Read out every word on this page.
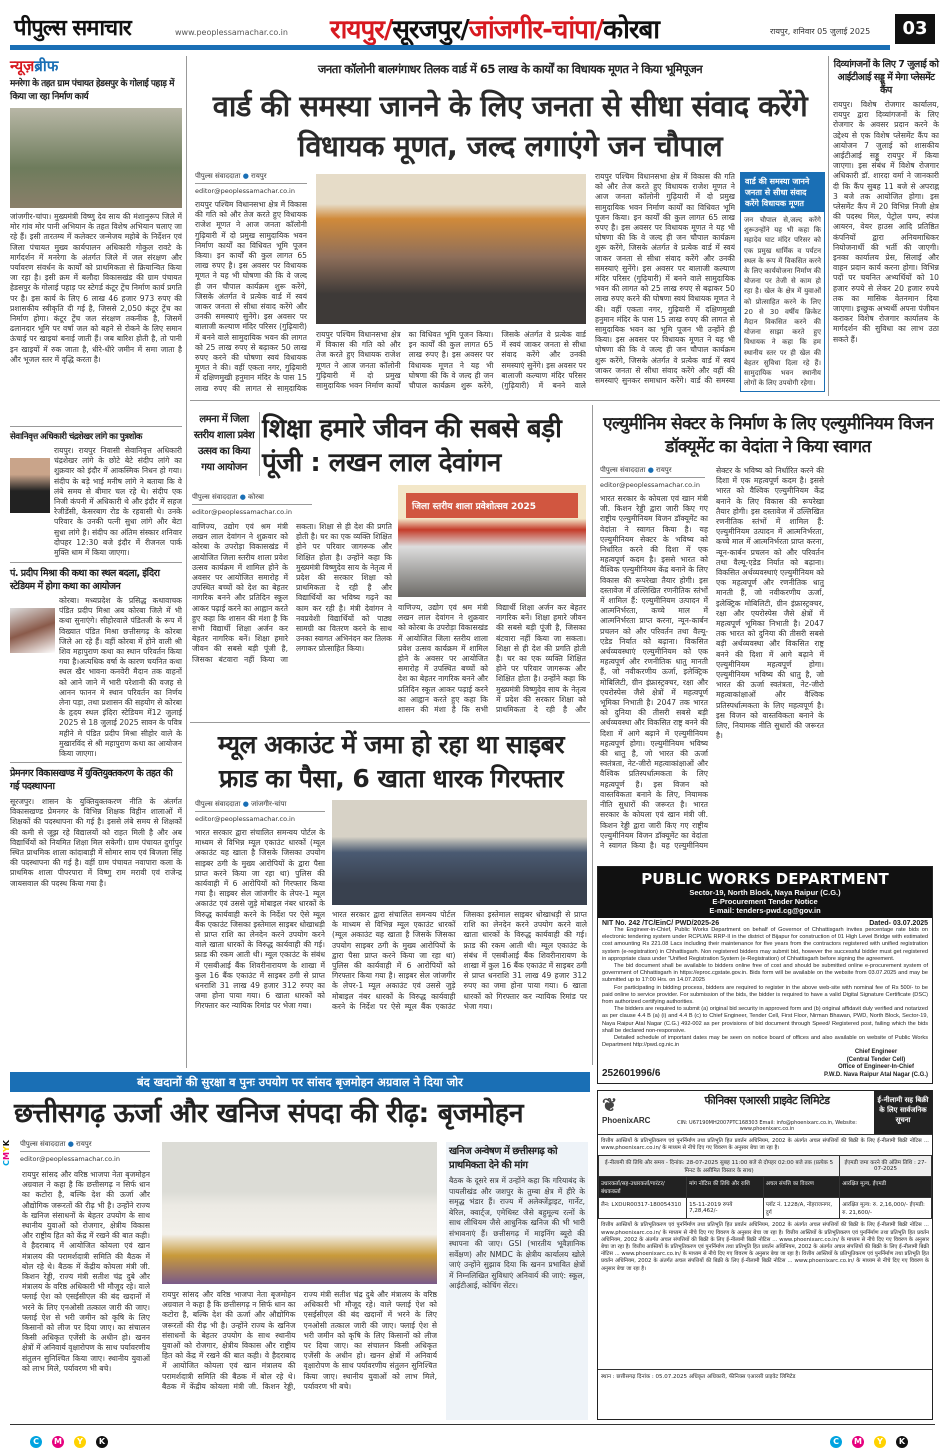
पीपुल्स समाचार	www.peoplessamachar.co.in रायपुर/सूरजपुर/जांजगीर-चांपा/कोरबा	रायपुर, शनिवार 05 जुलाई 2025	03
न्यूज़ब्रीफ
मनरेगा के तहत ग्राम पंचायत हेडसपुर के गोलाई पहाड़ में किया जा रहा निर्माण कार्य
जांजगीर-चांपा। मुख्यमंत्री विष्णु देव साय की मंशानुरूप जिले में मोर गांव मोर पानी अभियान के तहत विशेष अभियान चलाए जा रहे हैं। इसी तारतम्य में कलेक्टर जन्मेजय महोबे के निर्देशन एवं जिला पंचायत मुख्य कार्यपालन अधिकारी गोकुल रावटे के मार्गदर्शन में मनरेगा के अंतर्गत जिले में जल संरक्षण और पर्यावरण संवर्धन के कार्यों को प्राथमिकता से क्रियान्वित किया जा रहा है। इसी क्रम में बलौदा विकासखंड की ग्राम पंचायत हेडसपुर के गोलाई पहाड़ पर स्टेगर्ड कंटूर ट्रेंच निर्माण कार्य प्रगति पर है। इस कार्य के लिए 6 लाख 46 हजार 973 रुपए की प्रशासकीय स्वीकृति दी गई है, जिससे 2,050 कंटूर ट्रेंच का निर्माण होगा। कंटूर ट्रेंच जल संरक्षण तकनीक है, जिसमें ढलानदार भूमि पर वर्षा जल को बहने से रोकने के लिए समान ऊंचाई पर खाइयां बनाई जाती हैं। जब बारिश होती है, तो पानी इन खाइयों में रुक जाता है, धीरे-धीरे जमीन में समा जाता है और भूजल स्तर में वृद्धि करता है।
सेवानिवृत्त अधिकारी चंद्रशेखर लांगे का पुत्रशोक
रायपुर। रायपुर निवासी सेवानिवृत्त अधिकारी चंद्रशेखर लांगे के छोटे बेटे संदीप लांगे का शुक्रवार को इंदौर में आकस्मिक निधन हो गया। संदीप के बड़े भाई मनीष लांगे ने बताया कि वे लंबे समय से बीमार चल रहे थे। संदीप एक निजी कंपनी में अधिकारी थे और इंदौर में सहज रेजीडेंसी, केसरबाग रोड के रहवासी थे। उनके परिवार के उनकी पत्नी सुधा लांगे और बेटा सुधा लांगे है। संदीप का अंतिम संस्कार शनिवार दोपहर 12:30 बजे इंदौर में रीजनल पार्क मुक्ति धाम में किया जाएगा।
पं. प्रदीप मिश्रा की कथा का स्थल बदला, इंदिरा स्टेडियम में होगा कथा का आयोजन
कोरबा। मध्यप्रदेश के प्रसिद्ध कथावाचक पंडित प्रदीप मिश्रा अब कोरबा जिले में भी कथा सुनाएंगे। सीहोरवाले पंडितजी के रूप में विख्यात पंडित मिश्रा छत्तीसगढ़ के कोरबा जिले आ रहे हैं। वहीं कोरबा में होने वाली श्री शिव महापुराण कथा का स्थान परिवर्तन किया गया है।अत्यधिक वर्षा के कारण चयनित कथा स्थल खैर भावना कनवेरी मैदान तक वाहनों को आने जाने में भारी परेशानी की वजह से आनन फानन मे स्थान परिवर्तन का निर्णय लेना पड़ा, तथा प्रशासन की सहयोग से कोरबा के हृदय स्थल इंदिरा स्टेडियम में12 जुलाई 2025 से 18 जुलाई 2025 सावन के पवित्र महीने मे पंडित प्रदीप मिश्रा सीहोर वाले के मुखारविंद से श्री महापुराण कथा का आयोजन किया जाएगा।
प्रेमनगर विकासखण्ड में युक्तियुक्तकरण के तहत की गई पदस्थापना
सूरजपुर। शासन के युक्तियुक्तकरण नीति के अंतर्गत विकासखण्ड प्रेमनगर के विभिन्न शिक्षक विहीन शालाओं में शिक्षकों की पदस्थापना की गई है। इससे लंबे समय से शिक्षकों की कमी से जूझ रहे विद्यालयों को राहत मिली है और अब विद्यार्थियों को नियमित शिक्षा मिल सकेगी। ग्राम पंचायत दुर्गापुर स्थित प्राथमिक शाला कांदाबाड़ी में सोमार साय एवं बिजला सिंह की पदस्थापना की गई है। वहीं ग्राम पंचायत नवापारा कला के प्राथमिक शाला पीपरपारा में विष्णु राम मरावी एवं राजेन्द्र जायसवाल की पदस्थ किया गया है।
जनता कॉलोनी बालगंगाधर तिलक वार्ड में 65 लाख के कार्यों का विधायक मूणत ने किया भूमिपूजन
वार्ड की समस्या जानने के लिए जनता से सीधा संवाद करेंगे विधायक मूणत, जल्द लगाएंगे जन चौपाल
पीपुल्स संवाददाता ● रायपुर
editor@peoplessamachar.co.in
रायपुर पश्चिम विधानसभा क्षेत्र में विकास की गति को और तेज करते हुए विधायक राजेश मूणत ने आज जनता कॉलोनी गुढ़ियारी में दो प्रमुख सामुदायिक भवन निर्माण कार्यों का विधिवत भूमि पूजन किया। इन कार्यों की कुल लागत 65 लाख रुपए है। इस अवसर पर विधायक मूणत ने यह भी घोषणा की कि वे जल्द ही जन चौपाल कार्यक्रम शुरू करेंगे, जिसके अंतर्गत वे प्रत्येक वार्ड में स्वयं जाकर जनता से सीधा संवाद करेंगे और उनकी समस्याएं सुनेंगे। इस अवसर पर बालाजी कल्याण मंदिर परिसर (गुढ़ियारी) में बनने वाले सामुदायिक भवन की लागत को 25 लाख रुपए से बढ़ाकर 50 लाख रुपए करने की घोषणा स्वयं विधायक मूणत ने की। वहीं एकता नगर, गुढ़ियारी में दक्षिणमुखी हनुमान मंदिर के पास 15 लाख रुपए की लागत से सामुदायिक
रायपुर पश्चिम विधानसभा क्षेत्र में विकास की गति को और तेज करते हुए विधायक राजेश मूणत ने आज जनता कॉलोनी गुढ़ियारी में दो प्रमुख सामुदायिक भवन निर्माण कार्यों का विधिवत भूमि पूजन किया। इन कार्यों की कुल लागत 65 लाख रुपए है। इस अवसर पर विधायक मूणत ने यह भी घोषणा की कि वे जल्द ही जन चौपाल कार्यक्रम शुरू करेंगे, जिसके अंतर्गत वे प्रत्येक वार्ड में स्वयं जाकर जनता से सीधा संवाद करेंगे और उनकी समस्याएं सुनेंगे। इस अवसर पर बालाजी कल्याण मंदिर परिसर (गुढ़ियारी) में बनने वाले
रायपुर पश्चिम विधानसभा क्षेत्र में विकास की गति को और तेज करते हुए विधायक राजेश मूणत ने आज जनता कॉलोनी गुढ़ियारी में दो प्रमुख सामुदायिक भवन निर्माण कार्यों का विधिवत भूमि पूजन किया। इन कार्यों की कुल लागत 65 लाख रुपए है। इस अवसर पर विधायक मूणत ने यह भी घोषणा की कि वे जल्द ही जन चौपाल कार्यक्रम शुरू करेंगे, जिसके अंतर्गत वे प्रत्येक वार्ड में स्वयं जाकर जनता से सीधा संवाद करेंगे और उनकी समस्याएं सुनेंगे। इस अवसर पर बालाजी कल्याण मंदिर परिसर (गुढ़ियारी) में बनने वाले सामुदायिक भवन की लागत को 25 लाख रुपए से बढ़ाकर 50 लाख रुपए करने की घोषणा स्वयं विधायक मूणत ने की। वहीं एकता नगर, गुढ़ियारी में दक्षिणमुखी हनुमान मंदिर के पास 15 लाख रुपए की लागत से सामुदायिक भवन का भूमि पूजन भी उन्होंने ही किया। इस अवसर पर विधायक मूणत ने यह भी घोषणा की कि वे जल्द ही जन चौपाल कार्यक्रम शुरू करेंगे, जिसके अंतर्गत वे प्रत्येक वार्ड में स्वयं जाकर जनता से सीधा संवाद करेंगे और वहीं की समस्याएं सुनकर समाधान करेंगे। वार्ड की समस्या
वार्ड की समस्या जानने जनता से सीधा संवाद करेंगे विधायक मूणत
जन चौपाल से,जल्द करेंगे शुरूउन्होंने यह भी कहा कि महादेव घाट मंदिर परिसर को एक प्रमुख धार्मिक व पर्यटन स्थल के रूप में विकसित करने के लिए कार्ययोजना निर्माण की योजना पर तेजी से काम हो रहा है। खेल के क्षेत्र में युवाओं को प्रोत्साहित करने के लिए 20 से 30 वर्षीय क्रिकेट मैदान विकसित करने की योजना साझा करते हुए विधायक ने कहा कि हम स्थानीय स्तर पर ही खेल की बेहतर सुविधा दिला रहे हैं। सामुदायिक भवन स्थानीय लोगों के लिए उपयोगी रहेगा।
दिव्यांगजनों के लिए 7 जुलाई को आईटीआई सड्डू में मेगा प्लेसमेंट कैंप
रायपुर। विशेष रोजगार कार्यालय, रायपुर द्वारा दिव्यांगजनों के लिए रोजगार के अवसर प्रदान करने के उद्देश्य से एक विशेष प्लेसमेंट कैंप का आयोजन 7 जुलाई को शासकीय आईटीआई सड्डू रायपुर में किया जाएगा। इस संबंध में विशेष रोजगार अधिकारी डॉ. शारदा वर्मा ने जानकारी दी कि कैंप सुबह 11 बजे से अपराह्न 3 बजे तक आयोजित होगा। इस प्लेसमेंट कैंप में 20 विभिन्न निजी क्षेत्र की पदस्थ मिल, पेट्रोल पम्प, स्पंज आयरन, वेयर हाउस आदि प्रतिष्ठित कंपनियों द्वारा अनियमाधिकर नियोजनार्थी की भर्ती की जाएगी। इनका कार्यालय प्रेस, सिलाई और वाहन प्रदान कार्य करना होगा। विभिन्न पदों पर चयनित अभ्यर्थियों को 10 हजार रुपये से लेकर 20 हजार रुपये तक का मासिक वेतनमान दिया जाएगा। इच्छुक अभ्यर्थी अपना पंजीयन कराकर विशेष रोजगार कार्यालय के मार्गदर्शन की सुविधा का लाभ उठा सकते हैं।
लमना में जिला स्तरीय शाला प्रवेश उत्सव का किया गया आयोजन
पीपुल्स संवाददाता ● कोरबा
editor@peoplessamachar.co.in
शिक्षा हमारे जीवन की सबसे बड़ी पूंजी : लखन लाल देवांगन
वाणिज्य, उद्योग एवं श्रम मंत्री लखन लाल देवांगन ने शुक्रवार को कोरबा के उपरोड़ा विकासखंड में आयोजित जिला स्तरीय शाला प्रवेश उत्सव कार्यक्रम में शामिल होने के अवसर पर आयोजित समारोह में उपस्थित बच्चों को देश का बेहतर नागरिक बनने और प्रतिदिन स्कूल आकर पढ़ाई करने का आह्वान करते हुए कहा कि शासन की मंशा है कि सभी विद्यार्थी शिक्षा अर्जन कर बेहतर नागरिक बनें। शिक्षा हमारे जीवन की सबसे बड़ी पूंजी है, जिसका बंटवारा नहीं किया जा सकता। शिक्षा से ही देश की प्रगति होती है। घर का एक व्यक्ति शिक्षित होने पर परिवार जागरूक और शिक्षित होता है। उन्होंने कहा कि मुख्यमंत्री विष्णुदेव साय के नेतृत्व में प्रदेश की सरकार शिक्षा को प्राथमिकता दे रही है और विद्यार्थियों का भविष्य गढ़ने का काम कर रही है। मंत्री देवांगन ने नवप्रवेशी विद्यार्थियों को पाठ्य सामग्री का वितरण करने के साथ उनका स्वागत अभिनंदन कर तिलक लगाकर प्रोत्साहित किया।
जिला स्तरीय शाला प्रवेशोत्सव 2025
वाणिज्य, उद्योग एवं श्रम मंत्री लखन लाल देवांगन ने शुक्रवार को कोरबा के उपरोड़ा विकासखंड में आयोजित जिला स्तरीय शाला प्रवेश उत्सव कार्यक्रम में शामिल होने के अवसर पर आयोजित समारोह में उपस्थित बच्चों को देश का बेहतर नागरिक बनने और प्रतिदिन स्कूल आकर पढ़ाई करने का आह्वान करते हुए कहा कि शासन की मंशा है कि सभी विद्यार्थी शिक्षा अर्जन कर बेहतर नागरिक बनें। शिक्षा हमारे जीवन की सबसे बड़ी पूंजी है, जिसका बंटवारा नहीं किया जा सकता। शिक्षा से ही देश की प्रगति होती है। घर का एक व्यक्ति शिक्षित होने पर परिवार जागरूक और शिक्षित होता है। उन्होंने कहा कि मुख्यमंत्री विष्णुदेव साय के नेतृत्व में प्रदेश की सरकार शिक्षा को प्राथमिकता दे रही है और
म्यूल अकाउंट में जमा हो रहा था साइबर फ्राड का पैसा, 6 खाता धारक गिरफ्तार
पीपुल्स संवाददाता ● जांजगीर-चांपा
editor@peoplessamachar.co.in
भारत सरकार द्वारा संचालित समन्वय पोर्टल के माध्यम से विभिन्न म्यूल एकाउंट धारकों (म्यूल अकाउंट यह खाता है जिसके जिसका उपयोग साइबर ठगी के मुख्य आरोपियों के द्वारा पैसा प्राप्त करने किया जा रहा था) पुलिस की कार्यवाही में 6 आरोपियों को गिरफ्तार किया गया है। साइबर सेल जांजगीर के लेपर-1 म्यूल अकाउंट एवं उससे जुड़े मोबाइल नंबर धारकों के विरुद्ध कार्यवाही करने के निर्देश पर ऐसे म्यूल बैंक एकाउंट जिसका इस्तेमाल साइबर धोखाधड़ी से प्राप्त राशि का लेनदेन करने उपयोग करने वाले खाता धारकों के विरुद्ध कार्यवाही की गई। फ्राड की रकम आती थी। म्यूल एकाउंट के संबंध में एसबीआई बैंक शिवरीनारायण के शाखा में कुल 16 बैंक एकाउंट में साइबर ठगी से प्राप्त धनराशि 31 लाख 49 हजार 312 रुपए का जमा होना पाया गया। 6 खाता धारकों को गिरफ्तार कर न्यायिक रिमांड पर भेजा गया।
भारत सरकार द्वारा संचालित समन्वय पोर्टल के माध्यम से विभिन्न म्यूल एकाउंट धारकों (म्यूल अकाउंट यह खाता है जिसके जिसका उपयोग साइबर ठगी के मुख्य आरोपियों के द्वारा पैसा प्राप्त करने किया जा रहा था) पुलिस की कार्यवाही में 6 आरोपियों को गिरफ्तार किया गया है। साइबर सेल जांजगीर के लेपर-1 म्यूल अकाउंट एवं उससे जुड़े मोबाइल नंबर धारकों के विरुद्ध कार्यवाही करने के निर्देश पर ऐसे म्यूल बैंक एकाउंट जिसका इस्तेमाल साइबर धोखाधड़ी से प्राप्त राशि का लेनदेन करने उपयोग करने वाले खाता धारकों के विरुद्ध कार्यवाही की गई। फ्राड की रकम आती थी। म्यूल एकाउंट के संबंध में एसबीआई बैंक शिवरीनारायण के शाखा में कुल 16 बैंक एकाउंट में साइबर ठगी से प्राप्त धनराशि 31 लाख 49 हजार 312 रुपए का जमा होना पाया गया। 6 खाता धारकों को गिरफ्तार कर न्यायिक रिमांड पर भेजा गया।
एल्युमीनिम सेक्टर के निर्माण के लिए एल्युमीनियम विजन डॉक्यूमेंट का वेदांता ने किया स्वागत
पीपुल्स संवाददाता ● रायपुर
editor@peoplessamachar.co.in
भारत सरकार के कोयला एवं खान मंत्री जी. किशन रेड्डी द्वारा जारी किए गए राष्ट्रीय एल्युमीनियम विजन डॉक्यूमेंट का वेदांता ने स्वागत किया है। यह एल्युमीनियम सेक्टर के भविष्य को निर्धारित करने की दिशा में एक महत्वपूर्ण कदम है। इससे भारत को वैश्विक एल्युमीनियम केंद्र बनाने के लिए विकास की रूपरेखा तैयार होगी। इस दस्तावेज में उल्लिखित रणनीतिक स्तंभों में शामिल हैं: एल्युमीनियम उत्पादन में आत्मनिर्भरता, कच्चे माल में आत्मनिर्भरता प्राप्त करना, न्यून-कार्बन प्रचलन को और परिवर्तन तथा वैल्यू-एडेड निर्यात को बढ़ाना। विकसित अर्थव्यवस्थाएं एल्युमीनियम को एक महत्वपूर्ण और रणनीतिक धातु मानती हैं, जो नवीकरणीय ऊर्जा, इलेक्ट्रिक मोबिलिटी, ग्रीन इंफ्रास्ट्रक्चर, रक्षा और एयरोस्पेस जैसे क्षेत्रों में महत्वपूर्ण भूमिका निभाती है। 2047 तक भारत को दुनिया की तीसरी सबसे बड़ी अर्थव्यवस्था और विकसित राष्ट्र बनने की दिशा में आगे बढ़ाने में एल्युमीनियम महत्वपूर्ण होगा। एल्युमीनियम भविष्य की धातु है, जो भारत की ऊर्जा स्वतंत्रता, नेट-जीरो महत्वाकांक्षाओं और वैश्विक प्रतिस्पर्धात्मकता के लिए महत्वपूर्ण है। इस विजन को वास्तविकता बनाने के लिए, नियामक नीति सुधारों की जरूरत है। भारत सरकार के कोयला एवं खान मंत्री जी. किशन रेड्डी द्वारा जारी किए गए राष्ट्रीय एल्युमीनियम विजन डॉक्यूमेंट का वेदांता ने स्वागत किया है। यह एल्युमीनियम सेक्टर के भविष्य को निर्धारित करने की दिशा में एक महत्वपूर्ण कदम है। इससे भारत को वैश्विक एल्युमीनियम केंद्र बनाने के लिए विकास की रूपरेखा तैयार होगी। इस दस्तावेज में उल्लिखित रणनीतिक स्तंभों में शामिल हैं: एल्युमीनियम उत्पादन में आत्मनिर्भरता, कच्चे माल में आत्मनिर्भरता प्राप्त करना, न्यून-कार्बन प्रचलन को और परिवर्तन तथा वैल्यू-एडेड निर्यात को बढ़ाना। विकसित अर्थव्यवस्थाएं एल्युमीनियम को एक महत्वपूर्ण और रणनीतिक धातु मानती हैं, जो नवीकरणीय ऊर्जा, इलेक्ट्रिक मोबिलिटी, ग्रीन इंफ्रास्ट्रक्चर, रक्षा और एयरोस्पेस जैसे क्षेत्रों में महत्वपूर्ण भूमिका निभाती है। 2047 तक भारत को दुनिया की तीसरी सबसे बड़ी अर्थव्यवस्था और विकसित राष्ट्र बनने की दिशा में आगे बढ़ाने में एल्युमीनियम महत्वपूर्ण होगा। एल्युमीनियम भविष्य की धातु है, जो भारत की ऊर्जा स्वतंत्रता, नेट-जीरो महत्वाकांक्षाओं और वैश्विक प्रतिस्पर्धात्मकता के लिए महत्वपूर्ण है। इस विजन को वास्तविकता बनाने के लिए, नियामक नीति सुधारों की जरूरत है।
PUBLIC WORKS DEPARTMENT
Sector-19, North Block, Naya Raipur (C.G.)
E-Procurement Tender Notice
E-mail: tenders-pwd.cg@gov.in
NIT No. 242 /TC/EinC/ PWD/2025-26	Dated- 03.07.2025

The Engineer-in-Chief, Public Works Department on behalf of Governor of Chhattisgarh invites percentage rate bids on electronic tendering system under RCPLWE RRP-II in the district of Bijapur for construction of 01 High Level Bridge with estimated cost amounting Rs 221.08 Lacs including their maintenance for five years from the contractors registered with unified registration system (e-registration) in Chhattisgarh. Non registered bidders may submit bid, however the successful bidder must get registered in appropriate class under "Unified Registration System (e-Registration) of Chhattisgarh before signing the agreement.

The bid document shall be available to bidders online free of cost and should be submitted online e-procurement system of government of Chhattisgarh in https://eproc.cgstate.gov.in. Bids form will be available on the website from 03.07.2025 and may be submitted up to 17:00 Hrs. on 14.07.2025

For participating in bidding process, bidders are required to register in the above web-site with nominal fee of Rs 500/- to be paid online to service provider. For submission of the bids, the bidder is required to have a valid Digital Signature Certificate (DSC) from authorized certifying authorities.

The bidders are required to submit (a) original bid security in approved form and (b) original affidavit duly verified and notarized as per clause 4.4 B (a) (i) and 4.4 B (c) to Chief Engineer, Tender Cell, First Floor, Nirman Bhawan, PWD, North Block, Sector-19, Naya Raipur Atal Nagar (C.G.) 492-002 as per provisions of bid document through Speed/ Registered post, failing which the bids shall be declared non-responsive.

Detailed schedule of important dates may be seen on notice board of offices and also available on website of Public Works Department http://pwd.cg.nic.in

252601996/6
Chief Engineer
(Central Tender Cell)
Office of Engineer-In-Chief
P.W.D. Nava Raipur Atal Nagar (C.G.)
❦
PhoenixARC
फीनिक्स एआरसी प्राइवेट लिमिटेड
CIN: U67190MH2007PTC168303 Email: info@phoenixarc.co.in, Website: www.phoenixarc.co.in
ई-नीलामी सह बिक्री के लिए सार्वजनिक सूचना

वित्तीय आस्तियों के प्रतिभूतिकरण एवं पुनर्निर्माण तथा प्रतिभूति हित प्रवर्तन अधिनियम, 2002 के अंतर्गत अचल संपत्तियों की बिक्री के लिए ई-नीलामी बिक्री नोटिस ... www.phoenixarc.co.in/ के माध्यम से नीचे दिए गए विवरण के अनुसार बेचा जा रहा है।

ई-नीलामी की तिथि और समय - दिनांक: 28-07-2025 सुबह 11:00 बजे से दोपहर 02:00 बजे तक (प्रत्येक 5 मिनट के असीमित विस्तार के साथ)			ईएमडी जमा करने की अंतिम तिथि : 27-07-2025
उधारकर्ता/सह-उधारकर्ता/गारंटर/बंधककर्ता	मांग नोटिस की तिथि और राशि	अचल संपत्ति का विवरण	आरक्षित मूल्य, ईएमडी
लैन: LXDUR00317-180054310	15-11-2019 रुपये 7,28,462/-	प्लॉट नं. 1228/A, नोहराजनगर, दुर्ग	आरक्षित मूल्य: रु. 2,16,000/- ईएमडी: रु. 21,600/-

वित्तीय आस्तियों के प्रतिभूतिकरण एवं पुनर्निर्माण तथा प्रतिभूति हित प्रवर्तन अधिनियम, 2002 के अंतर्गत अचल संपत्तियों की बिक्री के लिए ई-नीलामी बिक्री नोटिस ... www.phoenixarc.co.in/ के माध्यम से नीचे दिए गए विवरण के अनुसार बेचा जा रहा है। वित्तीय आस्तियों के प्रतिभूतिकरण एवं पुनर्निर्माण तथा प्रतिभूति हित प्रवर्तन अधिनियम, 2002 के अंतर्गत अचल संपत्तियों की बिक्री के लिए ई-नीलामी बिक्री नोटिस ... www.phoenixarc.co.in/ के माध्यम से नीचे दिए गए विवरण के अनुसार बेचा जा रहा है। वित्तीय आस्तियों के प्रतिभूतिकरण एवं पुनर्निर्माण तथा प्रतिभूति हित प्रवर्तन अधिनियम, 2002 के अंतर्गत अचल संपत्तियों की बिक्री के लिए ई-नीलामी बिक्री नोटिस ... www.phoenixarc.co.in/ के माध्यम से नीचे दिए गए विवरण के अनुसार बेचा जा रहा है। वित्तीय आस्तियों के प्रतिभूतिकरण एवं पुनर्निर्माण तथा प्रतिभूति हित प्रवर्तन अधिनियम, 2002 के अंतर्गत अचल संपत्तियों की बिक्री के लिए ई-नीलामी बिक्री नोटिस ... www.phoenixarc.co.in/ के माध्यम से नीचे दिए गए विवरण के अनुसार बेचा जा रहा है।

स्थान : छत्तीसगढ़ दिनांक : 05.07.2025 अधिकृत अधिकारी, फीनिक्स एआरसी प्राइवेट लिमिटेड
बंद खदानों की सुरक्षा व पुनः उपयोग पर सांसद बृजमोहन अग्रवाल ने दिया जोर
छत्तीसगढ़ ऊर्जा और खनिज संपदा की रीढ़: बृजमोहन
पीपुल्स संवाददाता ● रायपुर
editor@peoplessamachar.co.in
रायपुर सांसद और वरिष्ठ भाजपा नेता बृजमोहन अग्रवाल ने कहा है कि छत्तीसगढ़ न सिर्फ धान का कटोरा है, बल्कि देश की ऊर्जा और औद्योगिक जरूरतों की रीढ़ भी है। उन्होंने राज्य के खनिज संसाधनों के बेहतर उपयोग के साथ स्थानीय युवाओं को रोजगार, क्षेत्रीय विकास और राष्ट्रीय हित को केंद्र में रखने की बात कही। वे हैदराबाद में आयोजित कोयला एवं खान मंत्रालय की परामर्शदात्री समिति की बैठक में बोल रहे थे। बैठक में केंद्रीय कोयला मंत्री जी. किशन रेड्डी, राज्य मंत्री सतीश चंद्र दुबे और मंत्रालय के वरिष्ठ अधिकारी भी मौजूद रहे। वाले फ्लाई ऐश को एसईसीएल की बंद खदानों में भरने के लिए एनओसी तत्काल जारी की जाए। फ्लाई ऐश से भरी जमीन को कृषि के लिए किसानों को लीज पर दिया जाए। का संचालन किसी अधिकृत एजेंसी के अधीन हो। खनन क्षेत्रों में अनिवार्य वृक्षारोपण के साथ पर्यावरणीय संतुलन सुनिश्चित किया जाए। स्थानीय युवाओं को लाभ मिले, पर्यावरण भी बचे।
रायपुर सांसद और वरिष्ठ भाजपा नेता बृजमोहन अग्रवाल ने कहा है कि छत्तीसगढ़ न सिर्फ धान का कटोरा है, बल्कि देश की ऊर्जा और औद्योगिक जरूरतों की रीढ़ भी है। उन्होंने राज्य के खनिज संसाधनों के बेहतर उपयोग के साथ स्थानीय युवाओं को रोजगार, क्षेत्रीय विकास और राष्ट्रीय हित को केंद्र में रखने की बात कही। वे हैदराबाद में आयोजित कोयला एवं खान मंत्रालय की परामर्शदात्री समिति की बैठक में बोल रहे थे। बैठक में केंद्रीय कोयला मंत्री जी. किशन रेड्डी, राज्य मंत्री सतीश चंद्र दुबे और मंत्रालय के वरिष्ठ अधिकारी भी मौजूद रहे। वाले फ्लाई ऐश को एसईसीएल की बंद खदानों में भरने के लिए एनओसी तत्काल जारी की जाए। फ्लाई ऐश से भरी जमीन को कृषि के लिए किसानों को लीज पर दिया जाए। का संचालन किसी अधिकृत एजेंसी के अधीन हो। खनन क्षेत्रों में अनिवार्य वृक्षारोपण के साथ पर्यावरणीय संतुलन सुनिश्चित किया जाए। स्थानीय युवाओं को लाभ मिले, पर्यावरण भी बचे।
खनिज अन्वेषण में छत्तीसगढ़ को प्राथमिकता देने की मांग
बैठक के दूसरे सत्र में उन्होंने कहा कि गरियाबंद के पायलीखंड और जशपुर के तुम्बा क्षेत्र में हीरे के समृद्ध भंडार हैं। राज्य में अलेक्जेंड्राइट, गार्नेट, बेरिल, क्वार्ट्ज, एमेथिस्ट जैसे बहुमूल्य रत्नों के साथ लीथियम जैसे आधुनिक खनिज की भी भारी संभावनाएं हैं। छत्तीसगढ़ में माइनिंग ब्यूरो की स्थापना की जाए। GSI (भारतीय भूवैज्ञानिक सर्वेक्षण) और NMDC के क्षेत्रीय कार्यालय खोले जाएं उन्होंने सुझाव दिया कि खनन प्रभावित क्षेत्रों में निम्नलिखित सुविधाएं अनिवार्य की जाएं: स्कूल, आईटीआई, कोचिंग सेंटर।
CMYK
C M Y K	C M Y K
